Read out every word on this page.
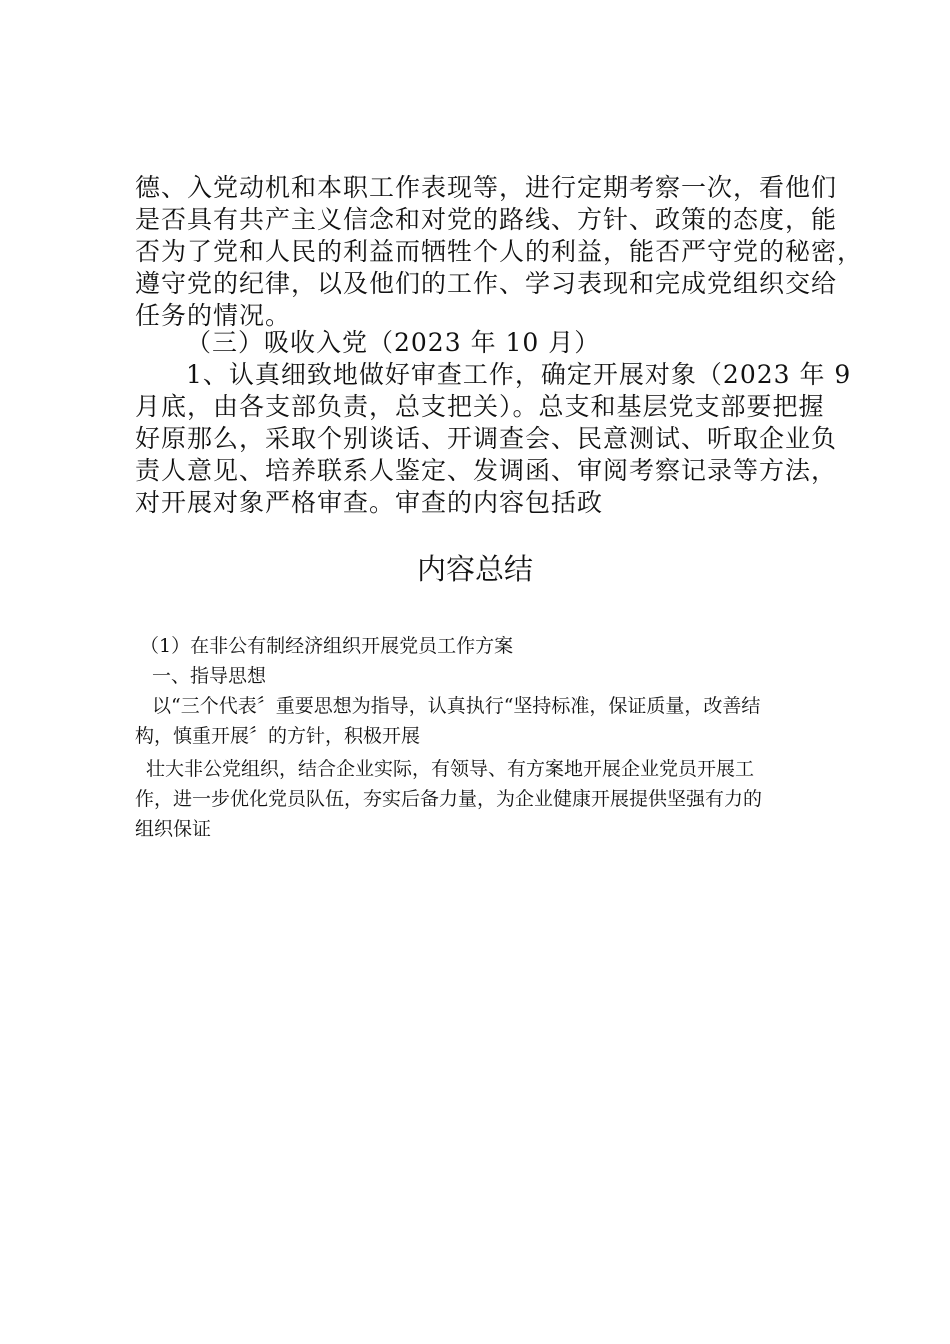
德、入党动机和本职工作表现等，进行定期考察一次，看他们
是否具有共产主义信念和对党的路线、方针、政策的态度，能
否为了党和人民的利益而牺牲个人的利益，能否严守党的秘密，
遵守党的纪律，以及他们的工作、学习表现和完成党组织交给
任务的情况。
（三）吸收入党（2023 年 10 月）
1、认真细致地做好审查工作，确定开展对象（2023 年 9
月底，由各支部负责，总支把关）。总支和基层党支部要把握
好原那么，采取个别谈话、开调查会、民意测试、听取企业负
责人意见、培养联系人鉴定、发调函、审阅考察记录等方法，
对开展对象严格审查。审查的内容包括政
内容总结
（1）在非公有制经济组织开展党员工作方案
一、指导思想
以“三个代表〞重要思想为指导，认真执行“坚持标准，保证质量，改善结
构，慎重开展〞的方针，积极开展
壮大非公党组织，结合企业实际，有领导、有方案地开展企业党员开展工
作，进一步优化党员队伍，夯实后备力量，为企业健康开展提供坚强有力的
组织保证
